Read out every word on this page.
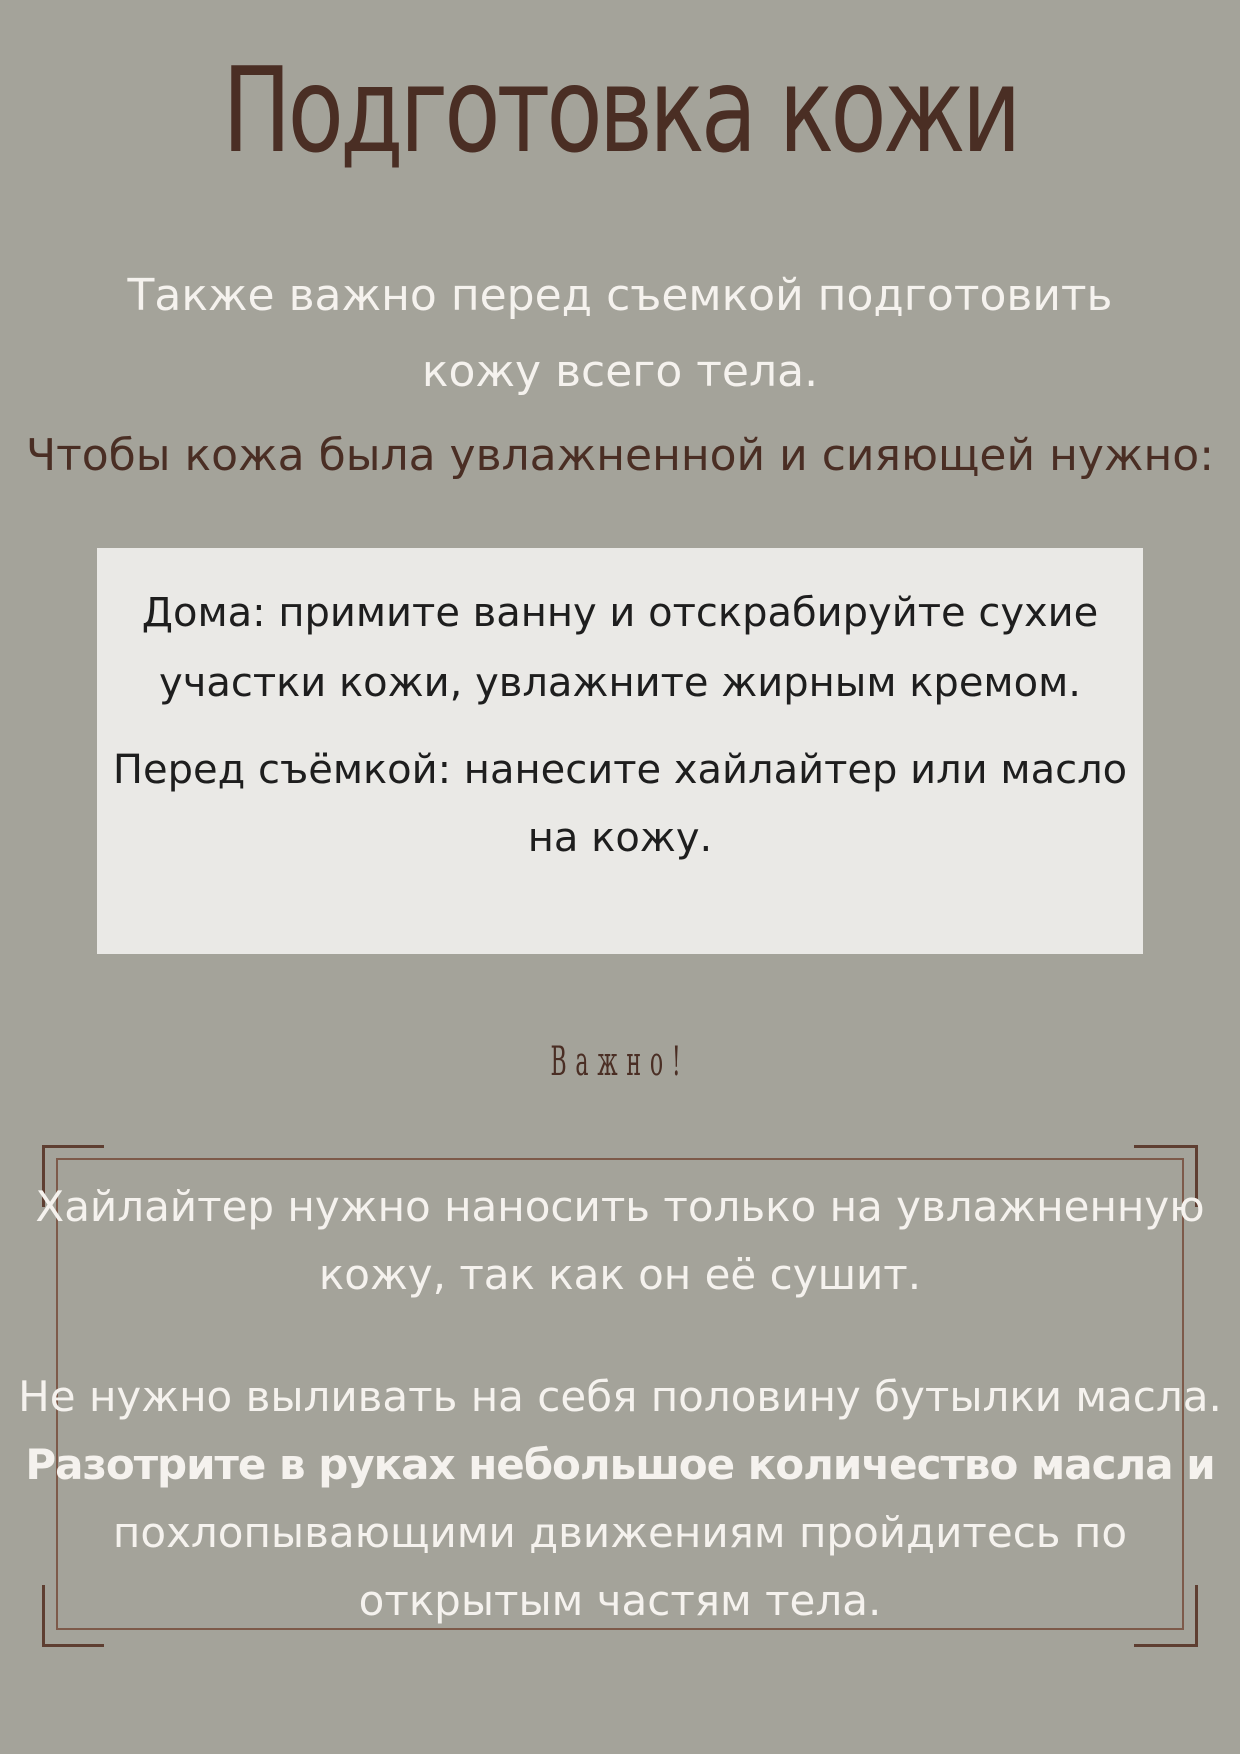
Подготовка кожи
Также важно перед съемкой подготовить
кожу всего тела.
Чтобы кожа была увлажненной и сияющей нужно:

Дома: примите ванну и отскрабируйте сухие

участки кожи, увлажните жирным кремом.

Перед съёмкой: нанесите хайлайтер или масло

на кожу.

Важно!
Хайлайтер нужно наносить только на увлажненную
кожу, так как он её сушит.
Не нужно выливать на себя половину бутылки масла.
Разотрите в руках небольшое количество масла и
похлопывающими движениям пройдитесь по
открытым частям тела.
